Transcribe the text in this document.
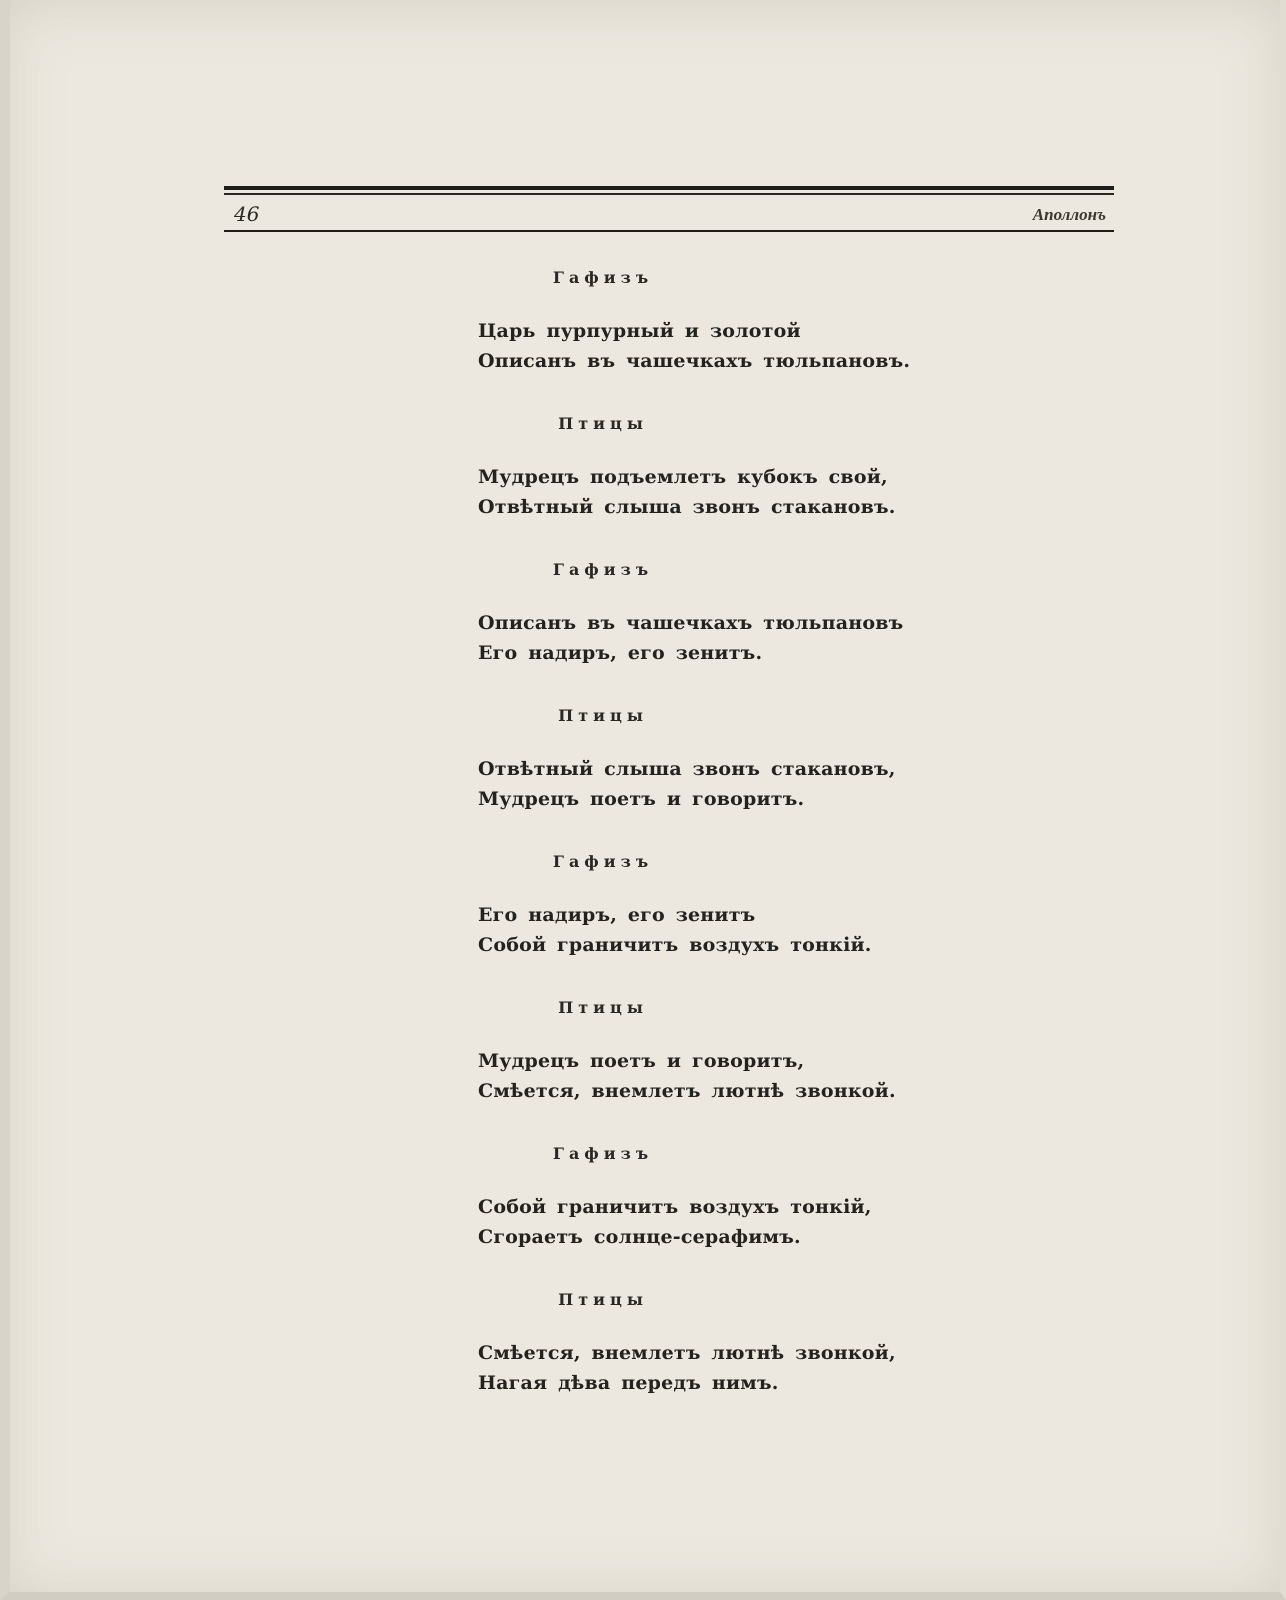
46	Аполлонъ
Гафизъ
Царь пурпурный и золотой
Описанъ въ чашечкахъ тюльпановъ.
Птицы
Мудрецъ подъемлетъ кубокъ свой,
Отвѣтный слыша звонъ стакановъ.
Гафизъ
Описанъ въ чашечкахъ тюльпановъ
Его надиръ, его зенитъ.
Птицы
Отвѣтный слыша звонъ стакановъ,
Мудрецъ поетъ и говоритъ.
Гафизъ
Его надиръ, его зенитъ
Собой граничитъ воздухъ тонкій.
Птицы
Мудрецъ поетъ и говоритъ,
Смѣется, внемлетъ лютнѣ звонкой.
Гафизъ
Собой граничитъ воздухъ тонкій,
Сгораетъ солнце-серафимъ.
Птицы
Смѣется, внемлетъ лютнѣ звонкой,
Нагая дѣва передъ нимъ.
